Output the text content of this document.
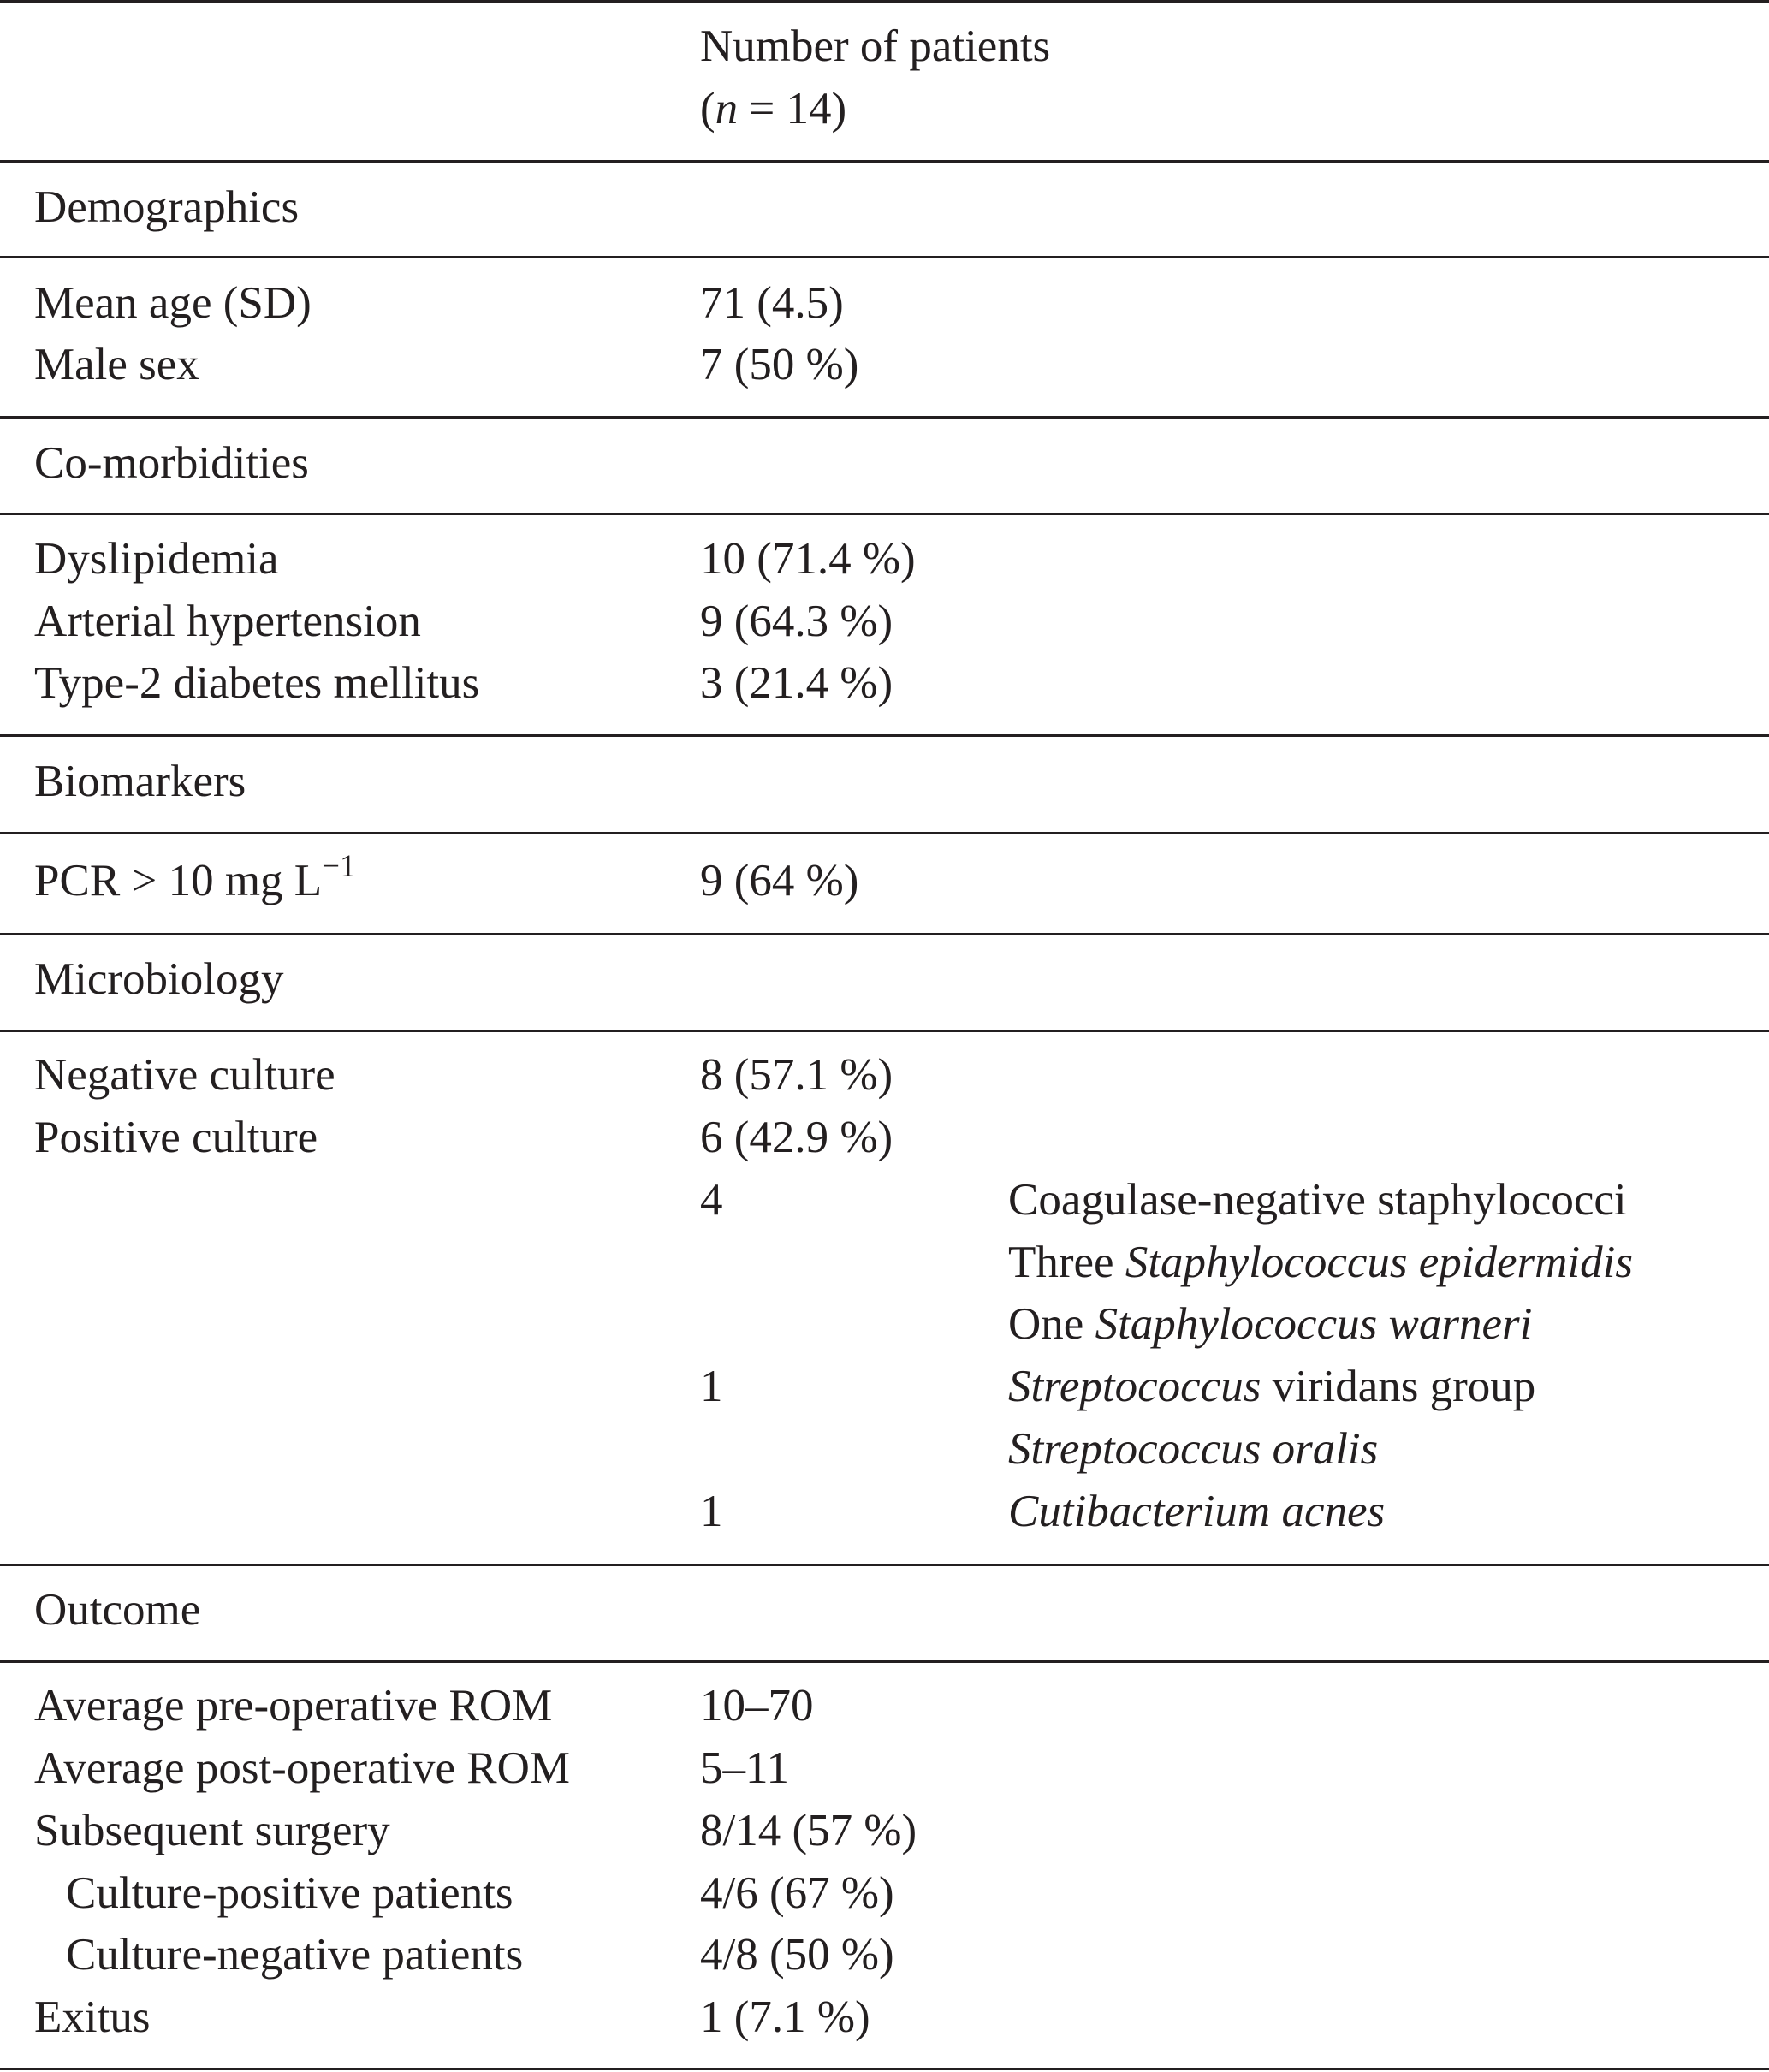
Number of patients
(n = 14)
Demographics
Mean age (SD)	71 (4.5)
Male sex	7 (50 %)
Co-morbidities
Dyslipidemia	10 (71.4 %)
Arterial hypertension	9 (64.3 %)
Type-2 diabetes mellitus	3 (21.4 %)
Biomarkers
PCR > 10 mg $L^{-1}$	9 (64 %)
Microbiology
Negative culture	8 (57.1 %)
Positive culture	6 (42.9 %)
4	Coagulase-negative staphylococci
Three Staphylococcus epidermidis
One Staphylococcus warneri
1	Streptococcus viridans group
Streptococcus oralis
1	Cutibacterium acnes
Outcome
Average pre-operative ROM	10–70
Average post-operative ROM	5–11
Subsequent surgery	8/14 (57 %)
Culture-positive patients	4/6 (67 %)
Culture-negative patients	4/8 (50 %)
Exitus	1 (7.1 %)
